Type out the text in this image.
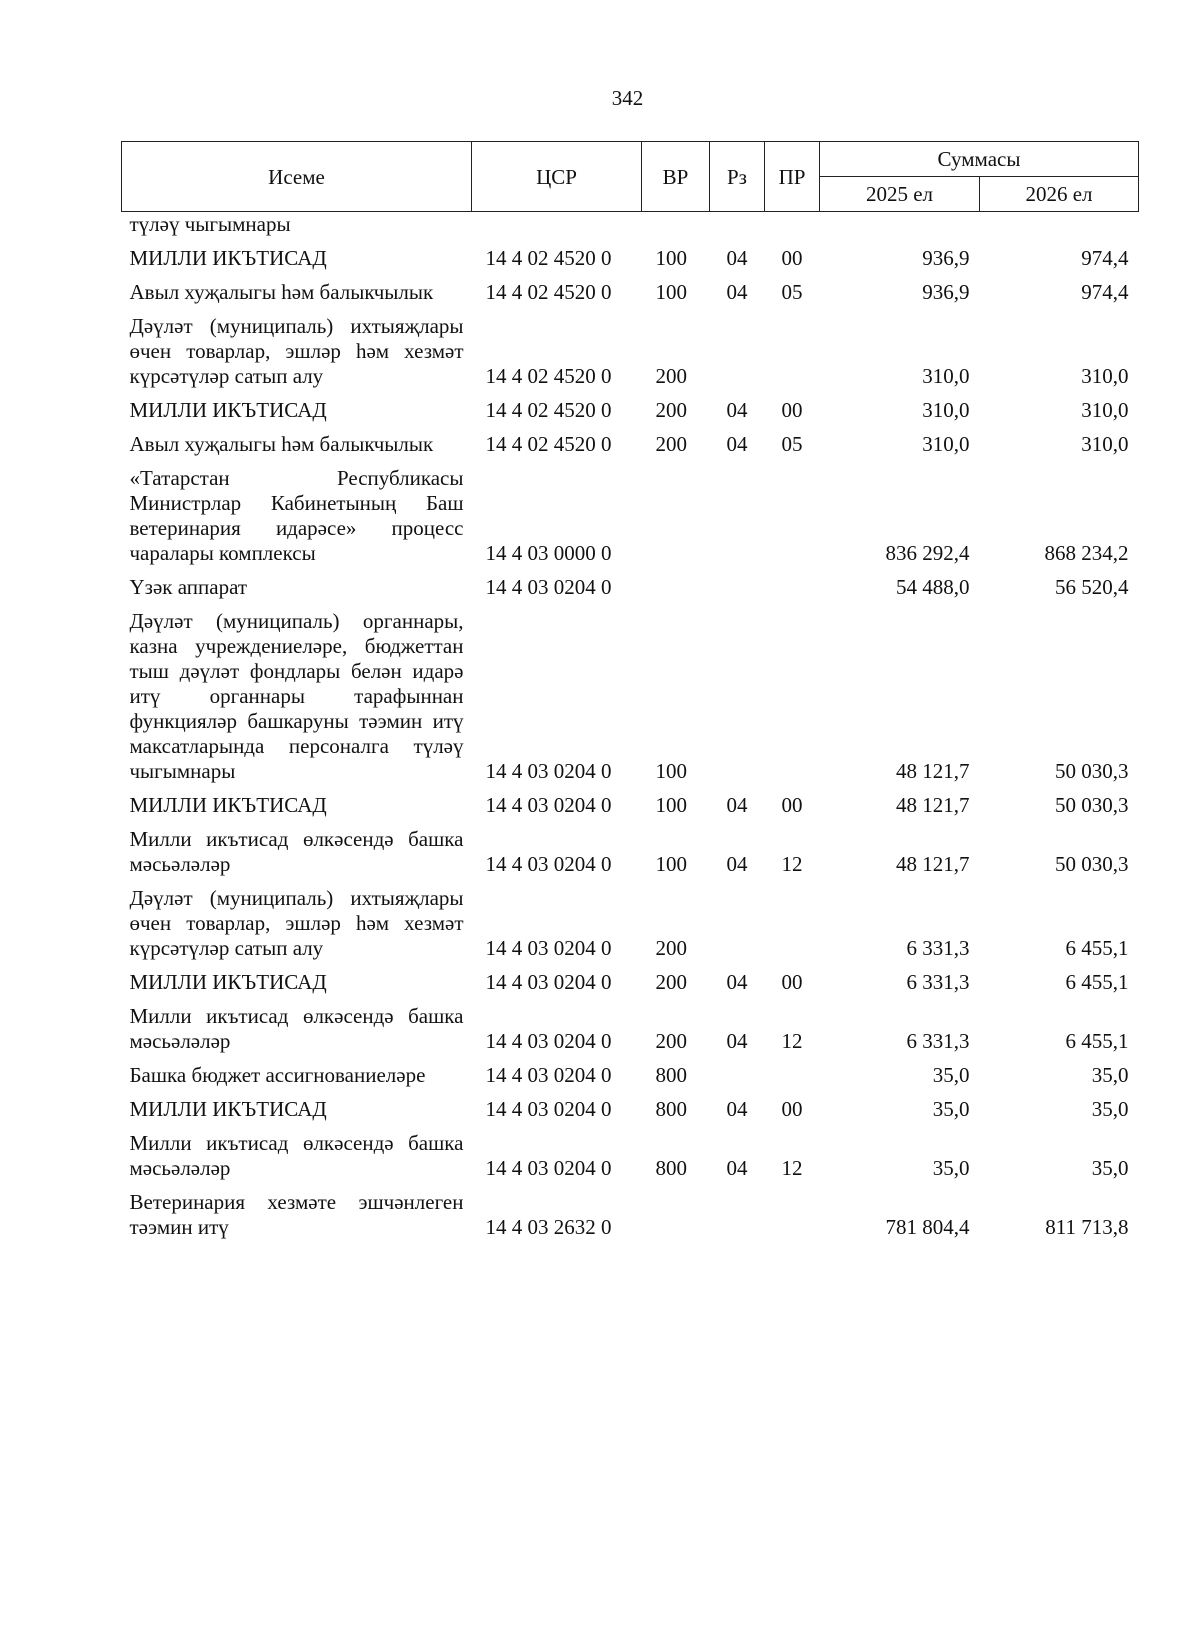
342
Исеме	ЦСР	ВР	Рз	ПР	Суммасы	
					2025 ел	2026 ел
түләү чыгымнары						
МИЛЛИ ИКЪТИСАД	14 4 02 4520 0	100	04	00	936,9	974,4
Авыл хуҗалыгы һәм балыкчылык	14 4 02 4520 0	100	04	05	936,9	974,4
Дәүләт (муниципаль) ихтыяҗлары өчен товарлар, эшләр һәм хезмәт күрсәтүләр сатып алу	14 4 02 4520 0	200			310,0	310,0
МИЛЛИ ИКЪТИСАД	14 4 02 4520 0	200	04	00	310,0	310,0
Авыл хуҗалыгы һәм балыкчылык	14 4 02 4520 0	200	04	05	310,0	310,0
«Татарстан Республикасы Министрлар Кабинетының Баш ветеринария идарәсе» процесс чаралары комплексы	14 4 03 0000 0				836 292,4	868 234,2
Үзәк аппарат	14 4 03 0204 0				54 488,0	56 520,4
Дәүләт (муниципаль) органнары, казна учреждениеләре, бюджеттан тыш дәүләт фондлары белән идарә итү органнары тарафыннан функцияләр башкаруны тәэмин итү максатларында персоналга түләү чыгымнары	14 4 03 0204 0	100			48 121,7	50 030,3
МИЛЛИ ИКЪТИСАД	14 4 03 0204 0	100	04	00	48 121,7	50 030,3
Милли икътисад өлкәсендә башка мәсьәләләр	14 4 03 0204 0	100	04	12	48 121,7	50 030,3
Дәүләт (муниципаль) ихтыяҗлары өчен товарлар, эшләр һәм хезмәт күрсәтүләр сатып алу	14 4 03 0204 0	200			6 331,3	6 455,1
МИЛЛИ ИКЪТИСАД	14 4 03 0204 0	200	04	00	6 331,3	6 455,1
Милли икътисад өлкәсендә башка мәсьәләләр	14 4 03 0204 0	200	04	12	6 331,3	6 455,1
Башка бюджет ассигнованиеләре	14 4 03 0204 0	800			35,0	35,0
МИЛЛИ ИКЪТИСАД	14 4 03 0204 0	800	04	00	35,0	35,0
Милли икътисад өлкәсендә башка мәсьәләләр	14 4 03 0204 0	800	04	12	35,0	35,0
Ветеринария хезмәте эшчәнлеген тәэмин итү	14 4 03 2632 0				781 804,4	811 713,8
